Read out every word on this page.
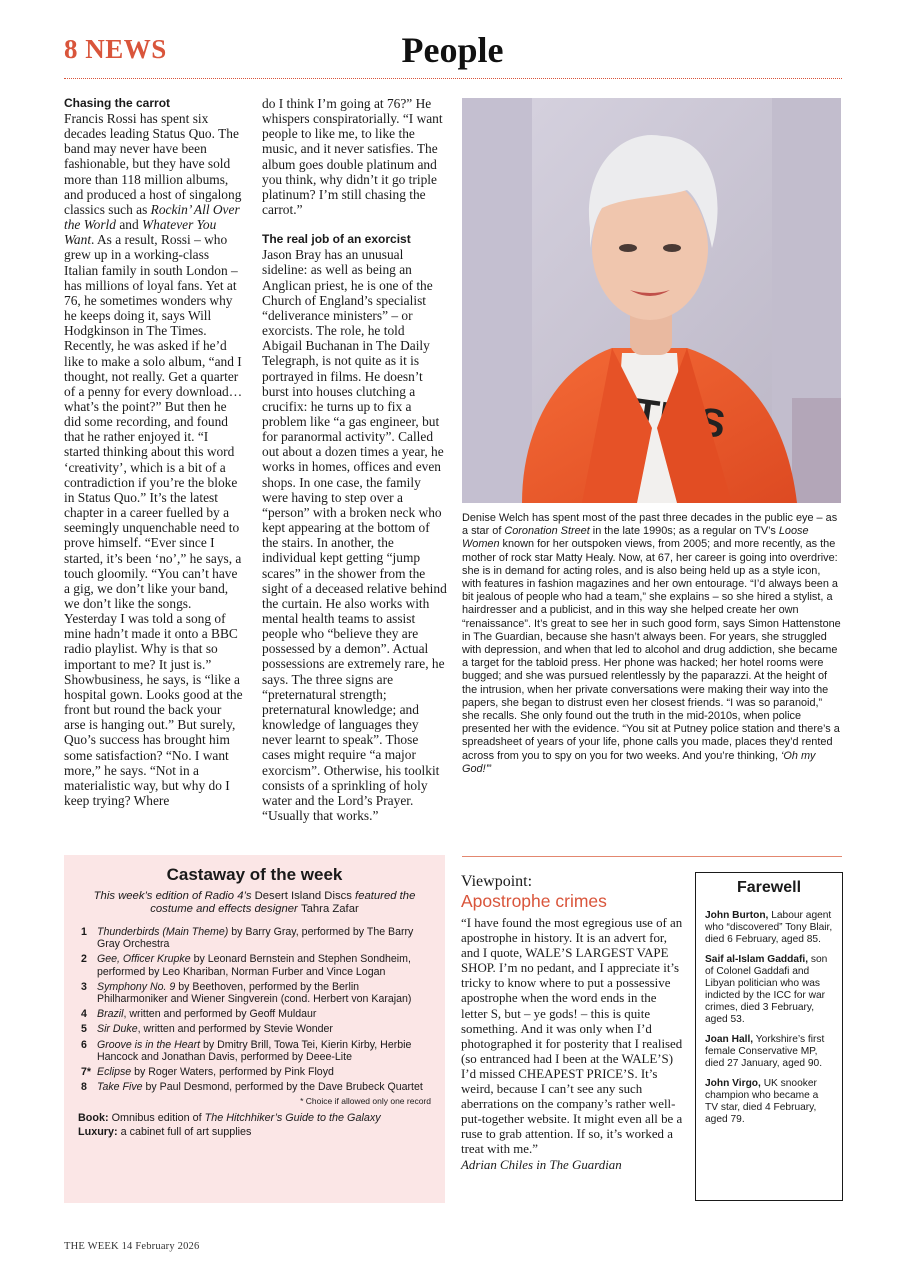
8 NEWS	People
Chasing the carrot

Francis Rossi has spent six decades leading Status Quo. The band may never have been fashionable, but they have sold more than 118 million albums, and produced a host of singalong classics such as Rockin’ All Over the World and Whatever You Want. As a result, Rossi – who grew up in a working-class Italian family in south London – has millions of loyal fans. Yet at 76, he sometimes wonders why he keeps doing it, says Will Hodgkinson in The Times. Recently, he was asked if he’d like to make a solo album, “and I thought, not really. Get a quarter of a penny for every download… what’s the point?” But then he did some recording, and found that he rather enjoyed it. “I started thinking about this word ‘creativity’, which is a bit of a contradiction if you’re the bloke in Status Quo.” It’s the latest chapter in a career fuelled by a seemingly unquenchable need to prove himself. “Ever since I started, it’s been ‘no’,” he says, a touch gloomily. “You can’t have a gig, we don’t like your band, we don’t like the songs. Yesterday I was told a song of mine hadn’t made it onto a BBC radio playlist. Why is that so important to me? It just is.” Showbusiness, he says, is “like a hospital gown. Looks good at the front but round the back your arse is hanging out.” But surely, Quo’s success has brought him some satisfaction? “No. I want more,” he says. “Not in a materialistic way, but why do I keep trying? Where

do I think I’m going at 76?” He whispers conspiratorially. “I want people to like me, to like the music, and it never satisfies. The album goes double platinum and you think, why didn’t it go triple platinum? I’m still chasing the carrot.”

The real job of an exorcist

Jason Bray has an unusual sideline: as well as being an Anglican priest, he is one of the Church of England’s specialist “deliverance ministers” – or exorcists. The role, he told Abigail Buchanan in The Daily Telegraph, is not quite as it is portrayed in films. He doesn’t burst into houses clutching a crucifix: he turns up to fix a problem like “a gas engineer, but for paranormal activity”. Called out about a dozen times a year, he works in homes, offices and even shops. In one case, the family were having to step over a “person” with a broken neck who kept appearing at the bottom of the stairs. In another, the individual kept getting “jump scares” in the shower from the sight of a deceased relative behind the curtain. He also works with mental health teams to assist people who “believe they are possessed by a demon”. Actual possessions are extremely rare, he says. The three signs are “preternatural strength; preternatural knowledge; and knowledge of languages they never learnt to speak”. Those cases might require “a major exorcism”. Otherwise, his toolkit consists of a sprinkling of holy water and the Lord’s Prayer. “Usually that works.”

Denise Welch has spent most of the past three decades in the public eye – as a star of Coronation Street in the late 1990s; as a regular on TV’s Loose Women known for her outspoken views, from 2005; and more recently, as the mother of rock star Matty Healy. Now, at 67, her career is going into overdrive: she is in demand for acting roles, and is also being held up as a style icon, with features in fashion magazines and her own entourage. “I’d always been a bit jealous of people who had a team,” she explains – so she hired a stylist, a hairdresser and a publicist, and in this way she helped create her own “renaissance”. It’s great to see her in such good form, says Simon Hattenstone in The Guardian, because she hasn’t always been. For years, she struggled with depression, and when that led to alcohol and drug addiction, she became a target for the tabloid press. Her phone was hacked; her hotel rooms were bugged; and she was pursued relentlessly by the paparazzi. At the height of the intrusion, when her private conversations were making their way into the papers, she began to distrust even her closest friends. “I was so paranoid,” she recalls. She only found out the truth in the mid-2010s, when police presented her with the evidence. “You sit at Putney police station and there’s a spreadsheet of years of your life, phone calls you made, places they’d rented across from you to spy on you for two weeks. And you’re thinking, ‘Oh my God!’”
Castaway of the week
This week’s edition of Radio 4’s Desert Island Discs featured the costume and effects designer Tahra Zafar
1 Thunderbirds (Main Theme) by Barry Gray, performed by The Barry Gray Orchestra
2 Gee, Officer Krupke by Leonard Bernstein and Stephen Sondheim, performed by Leo Khariban, Norman Furber and Vince Logan
3 Symphony No. 9 by Beethoven, performed by the Berlin Philharmoniker and Wiener Singverein (cond. Herbert von Karajan)
4 Brazil, written and performed by Geoff Muldaur
5 Sir Duke, written and performed by Stevie Wonder
6 Groove is in the Heart by Dmitry Brill, Towa Tei, Kierin Kirby, Herbie Hancock and Jonathan Davis, performed by Deee-Lite
7* Eclipse by Roger Waters, performed by Pink Floyd
8 Take Five by Paul Desmond, performed by the Dave Brubeck Quartet
* Choice if allowed only one record
Book: Omnibus edition of The Hitchhiker’s Guide to the Galaxy
Luxury: a cabinet full of art supplies
Viewpoint:
Apostrophe crimes
“I have found the most egregious use of an apostrophe in history. It is an advert for, and I quote, WALE’S LARGEST VAPE SHOP. I’m no pedant, and I appreciate it’s tricky to know where to put a possessive apostrophe when the word ends in the letter S, but – ye gods! – this is quite something. And it was only when I’d photographed it for posterity that I realised (so entranced had I been at the WALE’S) I’d missed CHEAPEST PRICE’S. It’s weird, because I can’t see any such aberrations on the company’s rather well-put-together website. It might even all be a ruse to grab attention. If so, it’s worked a treat with me.”
Adrian Chiles in The Guardian
Farewell
John Burton, Labour agent who “discovered” Tony Blair, died 6 February, aged 85.
Saif al-Islam Gaddafi, son of Colonel Gaddafi and Libyan politician who was indicted by the ICC for war crimes, died 3 February, aged 53.
Joan Hall, Yorkshire’s first female Conservative MP, died 27 January, aged 90.
John Virgo, UK snooker champion who became a TV star, died 4 February, aged 79.
THE WEEK 14 February 2026
